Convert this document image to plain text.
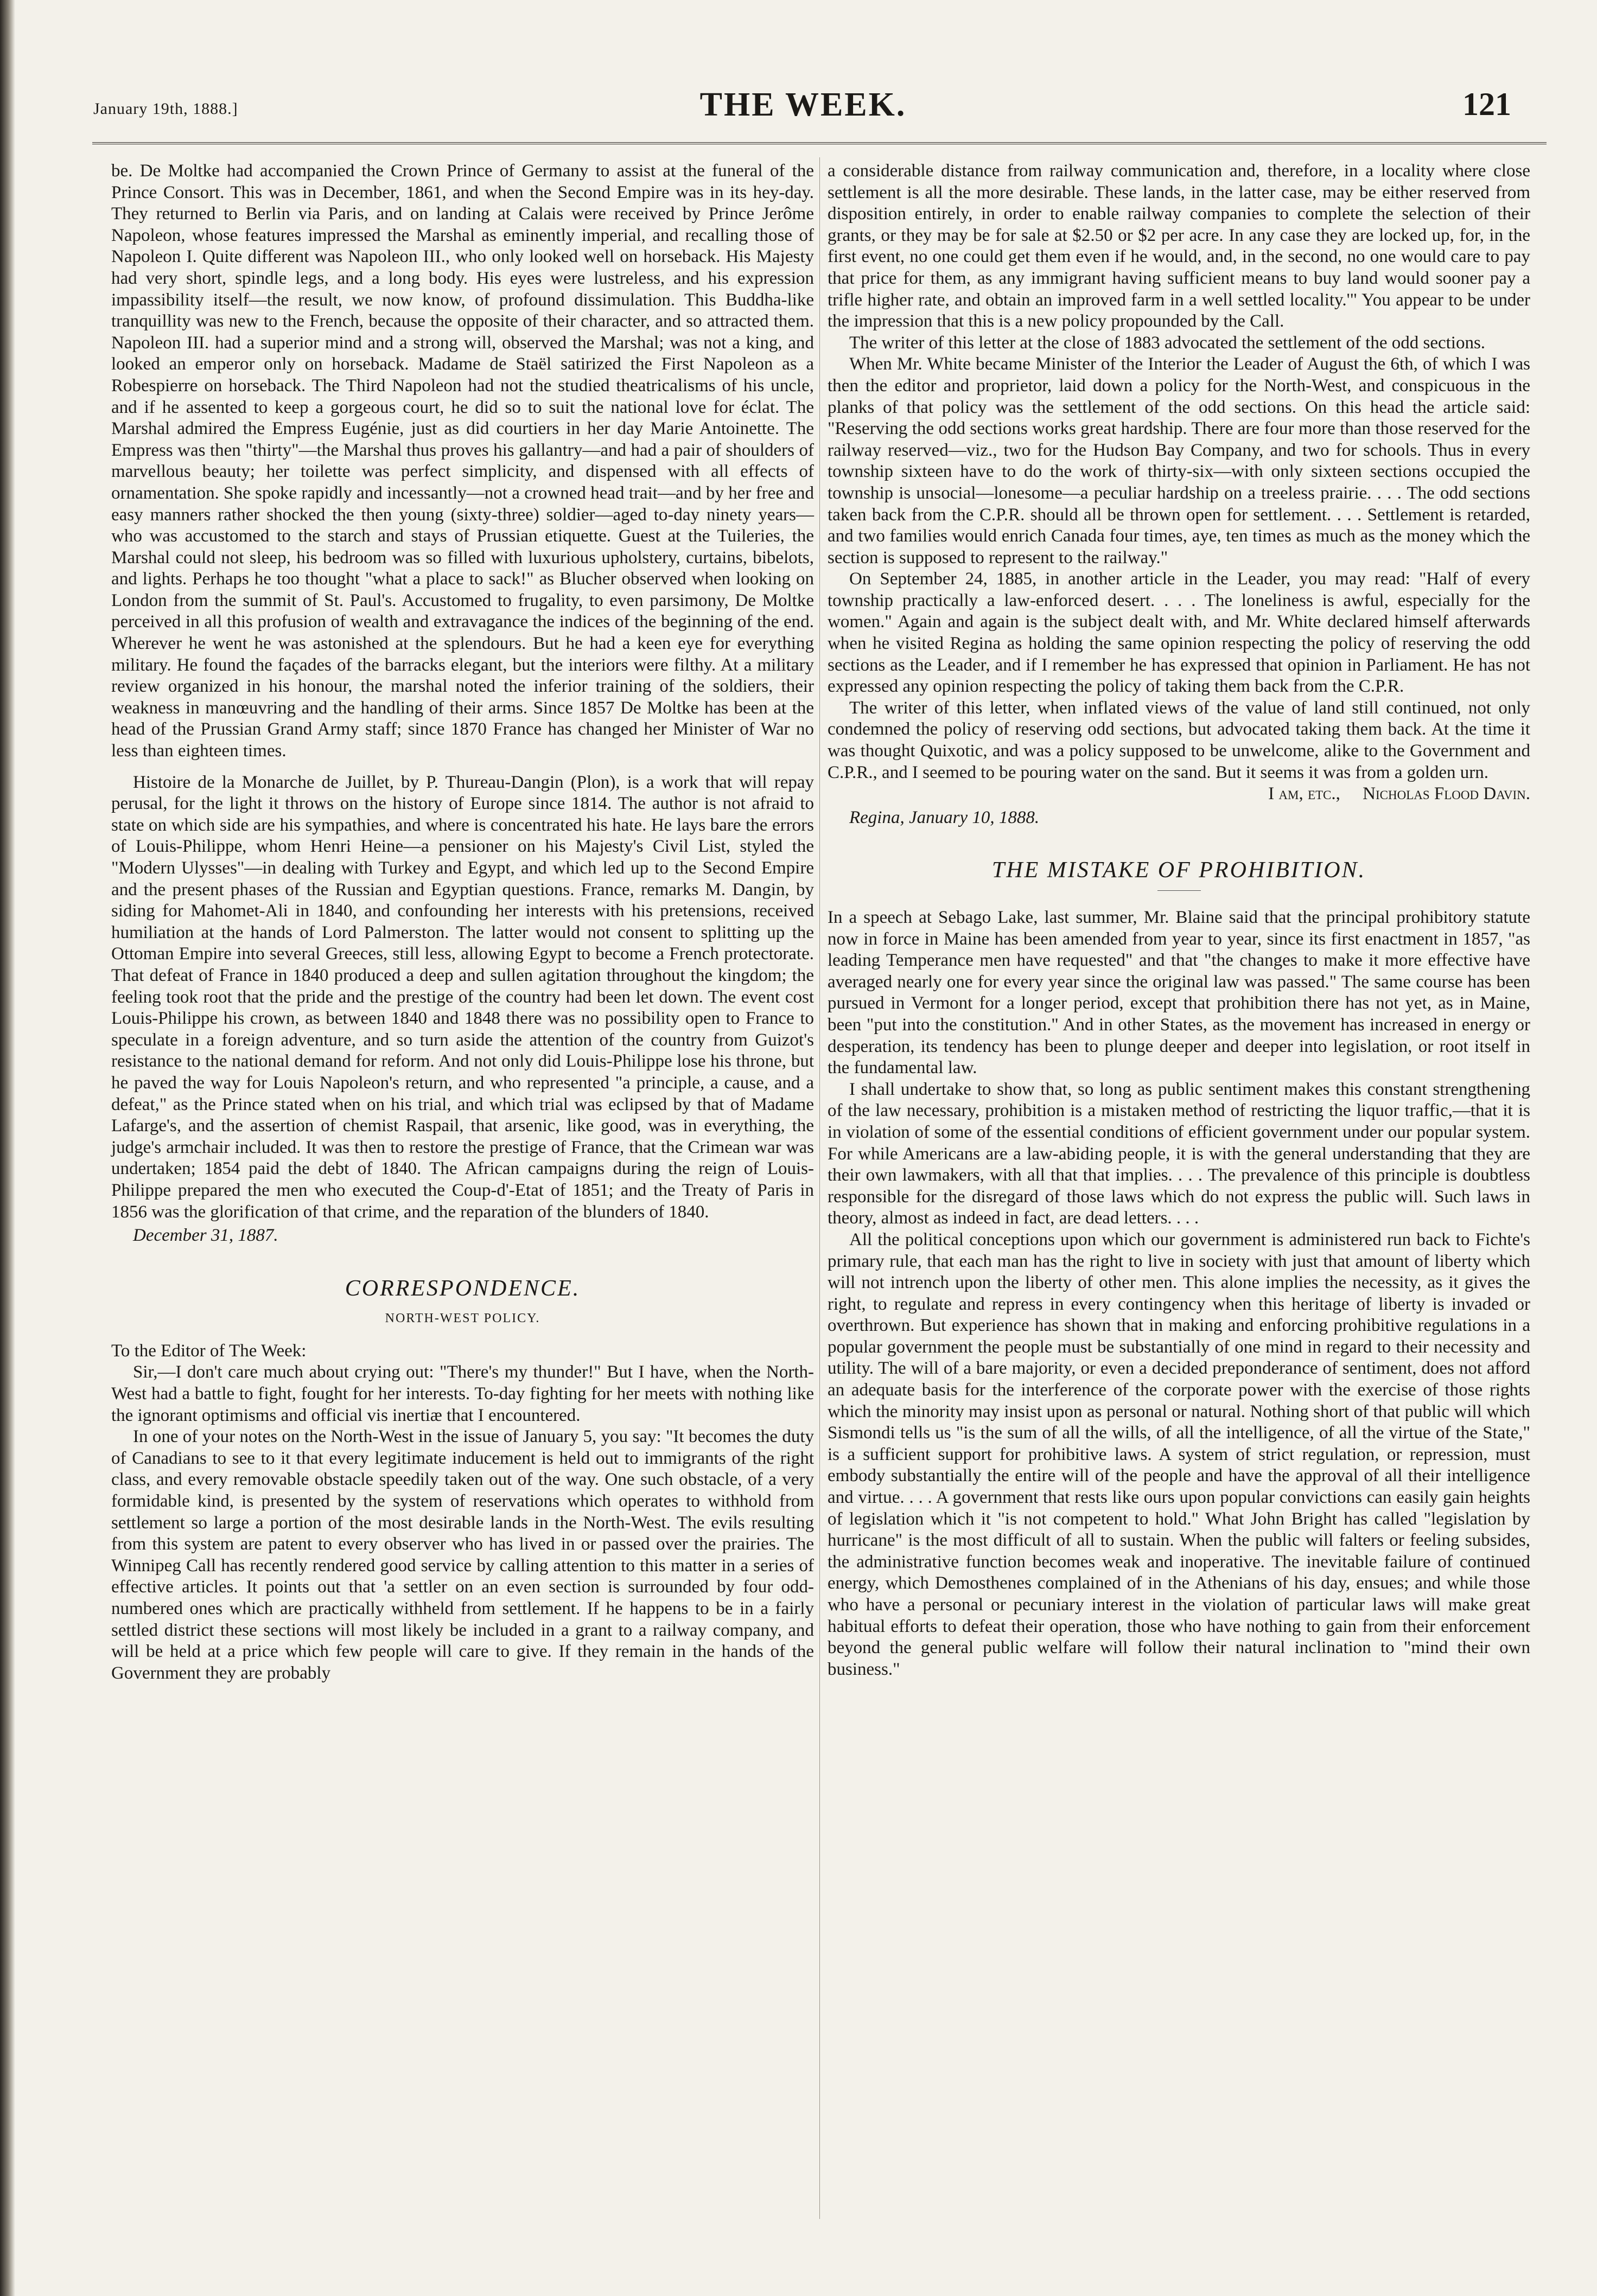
January 19th, 1888.]	THE WEEK.	121

be. De Moltke had accompanied the Crown Prince of Germany to assist at the funeral of the Prince Consort. This was in December, 1861, and when the Second Empire was in its hey-day. They returned to Berlin via Paris, and on landing at Calais were received by Prince Jerôme Napoleon, whose features impressed the Marshal as eminently imperial, and recalling those of Napoleon I. Quite different was Napoleon III., who only looked well on horseback. His Majesty had very short, spindle legs, and a long body. His eyes were lustreless, and his expression impassibility itself—the result, we now know, of profound dissimulation. This Buddha-like tranquillity was new to the French, because the opposite of their character, and so attracted them. Napoleon III. had a superior mind and a strong will, observed the Marshal; was not a king, and looked an emperor only on horseback. Madame de Staël satirized the First Napoleon as a Robespierre on horseback. The Third Napoleon had not the studied theatricalisms of his uncle, and if he assented to keep a gorgeous court, he did so to suit the national love for éclat. The Marshal admired the Empress Eugénie, just as did courtiers in her day Marie Antoinette. The Empress was then "thirty"—the Marshal thus proves his gallantry—and had a pair of shoulders of marvellous beauty; her toilette was perfect simplicity, and dispensed with all effects of ornamentation. She spoke rapidly and incessantly—not a crowned head trait—and by her free and easy manners rather shocked the then young (sixty-three) soldier—aged to-day ninety years—who was accustomed to the starch and stays of Prussian etiquette. Guest at the Tuileries, the Marshal could not sleep, his bedroom was so filled with luxurious upholstery, curtains, bibelots, and lights. Perhaps he too thought "what a place to sack!" as Blucher observed when looking on London from the summit of St. Paul's. Accustomed to frugality, to even parsimony, De Moltke perceived in all this profusion of wealth and extravagance the indices of the beginning of the end. Wherever he went he was astonished at the splendours. But he had a keen eye for everything military. He found the façades of the barracks elegant, but the interiors were filthy. At a military review organized in his honour, the marshal noted the inferior training of the soldiers, their weakness in manœuvring and the handling of their arms. Since 1857 De Moltke has been at the head of the Prussian Grand Army staff; since 1870 France has changed her Minister of War no less than eighteen times.

Histoire de la Monarche de Juillet, by P. Thureau-Dangin (Plon), is a work that will repay perusal, for the light it throws on the history of Europe since 1814. The author is not afraid to state on which side are his sympathies, and where is concentrated his hate. He lays bare the errors of Louis-Philippe, whom Henri Heine—a pensioner on his Majesty's Civil List, styled the "Modern Ulysses"—in dealing with Turkey and Egypt, and which led up to the Second Empire and the present phases of the Russian and Egyptian questions. France, remarks M. Dangin, by siding for Mahomet-Ali in 1840, and confounding her interests with his pretensions, received humiliation at the hands of Lord Palmerston. The latter would not consent to splitting up the Ottoman Empire into several Greeces, still less, allowing Egypt to become a French protectorate. That defeat of France in 1840 produced a deep and sullen agitation throughout the kingdom; the feeling took root that the pride and the prestige of the country had been let down. The event cost Louis-Philippe his crown, as between 1840 and 1848 there was no possibility open to France to speculate in a foreign adventure, and so turn aside the attention of the country from Guizot's resistance to the national demand for reform. And not only did Louis-Philippe lose his throne, but he paved the way for Louis Napoleon's return, and who represented "a principle, a cause, and a defeat," as the Prince stated when on his trial, and which trial was eclipsed by that of Madame Lafarge's, and the assertion of chemist Raspail, that arsenic, like good, was in everything, the judge's armchair included. It was then to restore the prestige of France, that the Crimean war was undertaken; 1854 paid the debt of 1840. The African campaigns during the reign of Louis-Philippe prepared the men who executed the Coup-d'-Etat of 1851; and the Treaty of Paris in 1856 was the glorification of that crime, and the reparation of the blunders of 1840.

December 31, 1887.

CORRESPONDENCE.
NORTH-WEST POLICY.

To the Editor of The Week:

Sir,—I don't care much about crying out: "There's my thunder!" But I have, when the North-West had a battle to fight, fought for her interests. To-day fighting for her meets with nothing like the ignorant optimisms and official vis inertiæ that I encountered.

In one of your notes on the North-West in the issue of January 5, you say: "It becomes the duty of Canadians to see to it that every legitimate inducement is held out to immigrants of the right class, and every removable obstacle speedily taken out of the way. One such obstacle, of a very formidable kind, is presented by the system of reservations which operates to withhold from settlement so large a portion of the most desirable lands in the North-West. The evils resulting from this system are patent to every observer who has lived in or passed over the prairies. The Winnipeg Call has recently rendered good service by calling attention to this matter in a series of effective articles. It points out that 'a settler on an even section is surrounded by four odd-numbered ones which are practically withheld from settlement. If he happens to be in a fairly settled district these sections will most likely be included in a grant to a railway company, and will be held at a price which few people will care to give. If they remain in the hands of the Government they are probably

a considerable distance from railway communication and, therefore, in a locality where close settlement is all the more desirable. These lands, in the latter case, may be either reserved from disposition entirely, in order to enable railway companies to complete the selection of their grants, or they may be for sale at $2.50 or $2 per acre. In any case they are locked up, for, in the first event, no one could get them even if he would, and, in the second, no one would care to pay that price for them, as any immigrant having sufficient means to buy land would sooner pay a trifle higher rate, and obtain an improved farm in a well settled locality.'" You appear to be under the impression that this is a new policy propounded by the Call.

The writer of this letter at the close of 1883 advocated the settlement of the odd sections.

When Mr. White became Minister of the Interior the Leader of August the 6th, of which I was then the editor and proprietor, laid down a policy for the North-West, and conspicuous in the planks of that policy was the settlement of the odd sections. On this head the article said: "Reserving the odd sections works great hardship. There are four more than those reserved for the railway reserved—viz., two for the Hudson Bay Company, and two for schools. Thus in every township sixteen have to do the work of thirty-six—with only sixteen sections occupied the township is unsocial—lonesome—a peculiar hardship on a treeless prairie. . . . The odd sections taken back from the C.P.R. should all be thrown open for settlement. . . . Settlement is retarded, and two families would enrich Canada four times, aye, ten times as much as the money which the section is supposed to represent to the railway."

On September 24, 1885, in another article in the Leader, you may read: "Half of every township practically a law-enforced desert. . . . The loneliness is awful, especially for the women." Again and again is the subject dealt with, and Mr. White declared himself afterwards when he visited Regina as holding the same opinion respecting the policy of reserving the odd sections as the Leader, and if I remember he has expressed that opinion in Parliament. He has not expressed any opinion respecting the policy of taking them back from the C.P.R.

The writer of this letter, when inflated views of the value of land still continued, not only condemned the policy of reserving odd sections, but advocated taking them back. At the time it was thought Quixotic, and was a policy supposed to be unwelcome, alike to the Government and C.P.R., and I seemed to be pouring water on the sand. But it seems it was from a golden urn.

I am, etc., Nicholas Flood Davin.

Regina, January 10, 1888.

THE MISTAKE OF PROHIBITION.

In a speech at Sebago Lake, last summer, Mr. Blaine said that the principal prohibitory statute now in force in Maine has been amended from year to year, since its first enactment in 1857, "as leading Temperance men have requested" and that "the changes to make it more effective have averaged nearly one for every year since the original law was passed." The same course has been pursued in Vermont for a longer period, except that prohibition there has not yet, as in Maine, been "put into the constitution." And in other States, as the movement has increased in energy or desperation, its tendency has been to plunge deeper and deeper into legislation, or root itself in the fundamental law.

I shall undertake to show that, so long as public sentiment makes this constant strengthening of the law necessary, prohibition is a mistaken method of restricting the liquor traffic,—that it is in violation of some of the essential conditions of efficient government under our popular system. For while Americans are a law-abiding people, it is with the general understanding that they are their own lawmakers, with all that that implies. . . . The prevalence of this principle is doubtless responsible for the disregard of those laws which do not express the public will. Such laws in theory, almost as indeed in fact, are dead letters. . . .

All the political conceptions upon which our government is administered run back to Fichte's primary rule, that each man has the right to live in society with just that amount of liberty which will not intrench upon the liberty of other men. This alone implies the necessity, as it gives the right, to regulate and repress in every contingency when this heritage of liberty is invaded or overthrown. But experience has shown that in making and enforcing prohibitive regulations in a popular government the people must be substantially of one mind in regard to their necessity and utility. The will of a bare majority, or even a decided preponderance of sentiment, does not afford an adequate basis for the interference of the corporate power with the exercise of those rights which the minority may insist upon as personal or natural. Nothing short of that public will which Sismondi tells us "is the sum of all the wills, of all the intelligence, of all the virtue of the State," is a sufficient support for prohibitive laws. A system of strict regulation, or repression, must embody substantially the entire will of the people and have the approval of all their intelligence and virtue. . . . A government that rests like ours upon popular convictions can easily gain heights of legislation which it "is not competent to hold." What John Bright has called "legislation by hurricane" is the most difficult of all to sustain. When the public will falters or feeling subsides, the administrative function becomes weak and inoperative. The inevitable failure of continued energy, which Demosthenes complained of in the Athenians of his day, ensues; and while those who have a personal or pecuniary interest in the violation of particular laws will make great habitual efforts to defeat their operation, those who have nothing to gain from their enforcement beyond the general public welfare will follow their natural inclination to "mind their own business."
